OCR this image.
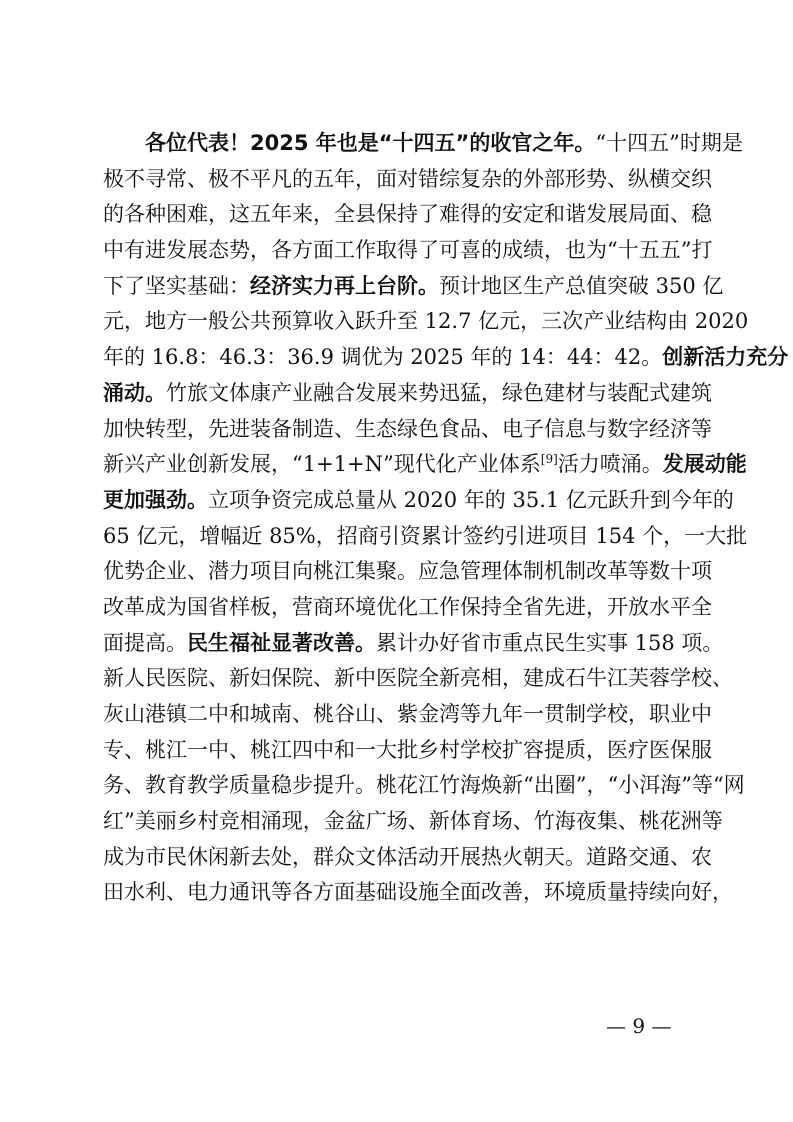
各位代表！2025 年也是“十四五”的收官之年。“十四五”时期是
极不寻常、极不平凡的五年，面对错综复杂的外部形势、纵横交织
的各种困难，这五年来，全县保持了难得的安定和谐发展局面、稳
中有进发展态势，各方面工作取得了可喜的成绩，也为“十五五”打
下了坚实基础：经济实力再上台阶。预计地区生产总值突破 350 亿
元，地方一般公共预算收入跃升至 12.7 亿元，三次产业结构由 2020
年的 16.8：46.3：36.9 调优为 2025 年的 14：44：42。创新活力充分
涌动。竹旅文体康产业融合发展来势迅猛，绿色建材与装配式建筑
加快转型，先进装备制造、生态绿色食品、电子信息与数字经济等
新兴产业创新发展，“1+1+N”现代化产业体系[9]活力喷涌。发展动能
更加强劲。立项争资完成总量从 2020 年的 35.1 亿元跃升到今年的
65 亿元，增幅近 85%，招商引资累计签约引进项目 154 个，一大批
优势企业、潜力项目向桃江集聚。应急管理体制机制改革等数十项
改革成为国省样板，营商环境优化工作保持全省先进，开放水平全
面提高。民生福祉显著改善。累计办好省市重点民生实事 158 项。
新人民医院、新妇保院、新中医院全新亮相，建成石牛江芙蓉学校、
灰山港镇二中和城南、桃谷山、紫金湾等九年一贯制学校，职业中
专、桃江一中、桃江四中和一大批乡村学校扩容提质，医疗医保服
务、教育教学质量稳步提升。桃花江竹海焕新“出圈”，“小洱海”等“网
红”美丽乡村竞相涌现，金盆广场、新体育场、竹海夜集、桃花洲等
成为市民休闲新去处，群众文体活动开展热火朝天。道路交通、农
田水利、电力通讯等各方面基础设施全面改善，环境质量持续向好，
— 9 —
